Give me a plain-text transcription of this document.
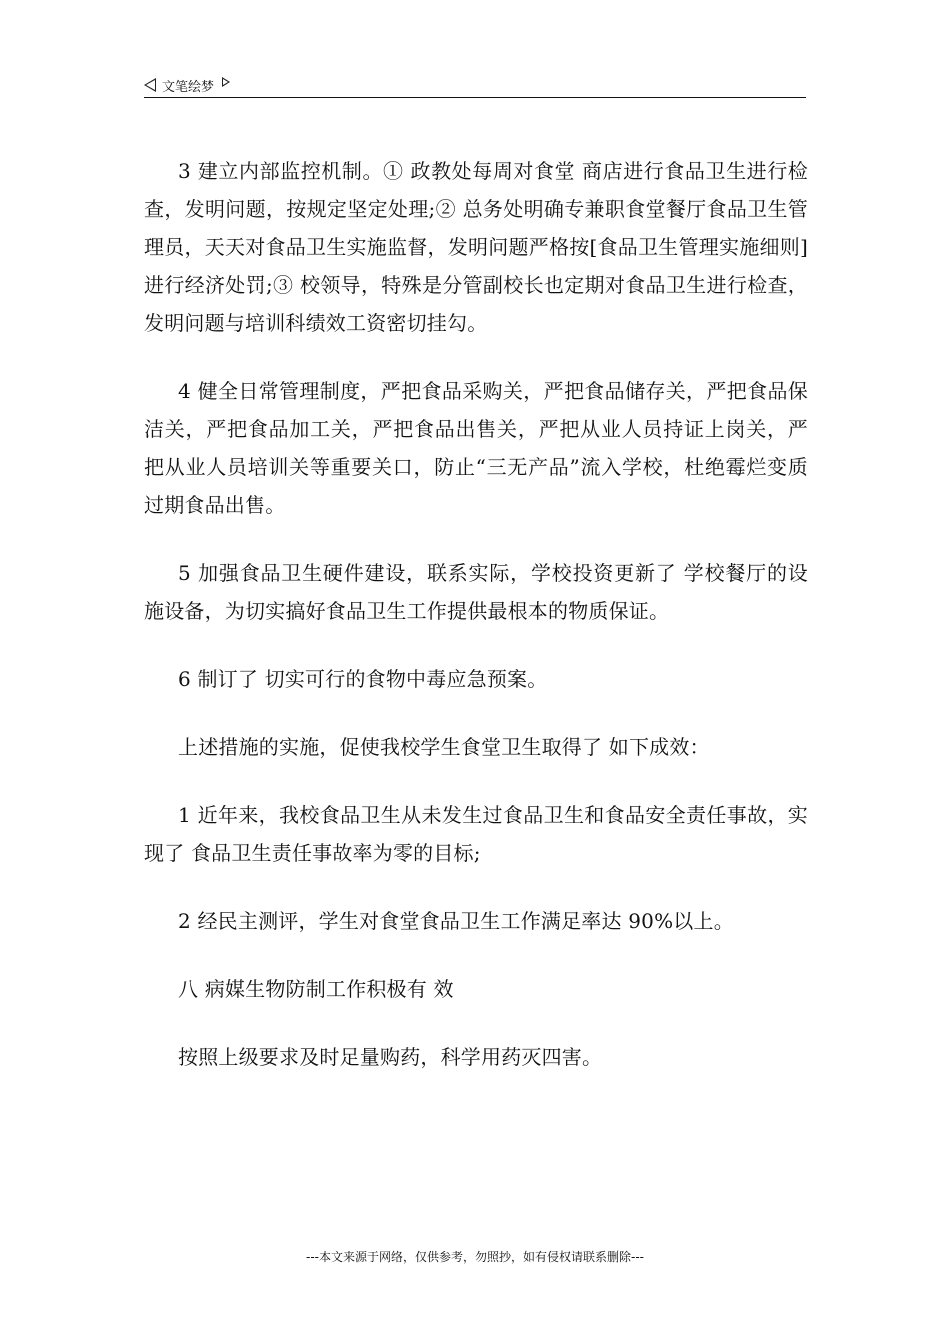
文笔绘梦

3 建立内部监控机制。① 政教处每周对食堂 商店进行食品卫生进行检查，发明问题，按规定坚定处理;② 总务处明确专兼职食堂餐厅食品卫生管理员，天天对食品卫生实施监督，发明问题严格按[食品卫生管理实施细则]进行经济处罚;③ 校领导，特殊是分管副校长也定期对食品卫生进行检查，发明问题与培训科绩效工资密切挂勾。

4 健全日常管理制度，严把食品采购关，严把食品储存关，严把食品保洁关，严把食品加工关，严把食品出售关，严把从业人员持证上岗关，严把从业人员培训关等重要关口，防止“三无产品”流入学校，杜绝霉烂变质过期食品出售。

5 加强食品卫生硬件建设，联系实际，学校投资更新了 学校餐厅的设施设备，为切实搞好食品卫生工作提供最根本的物质保证。

6 制订了 切实可行的食物中毒应急预案。

上述措施的实施，促使我校学生食堂卫生取得了 如下成效：

1 近年来，我校食品卫生从未发生过食品卫生和食品安全责任事故，实现了 食品卫生责任事故率为零的目标;

2 经民主测评，学生对食堂食品卫生工作满足率达 90%以上。

八 病媒生物防制工作积极有 效

按照上级要求及时足量购药，科学用药灭四害。

---本文来源于网络，仅供参考，勿照抄，如有侵权请联系删除---
